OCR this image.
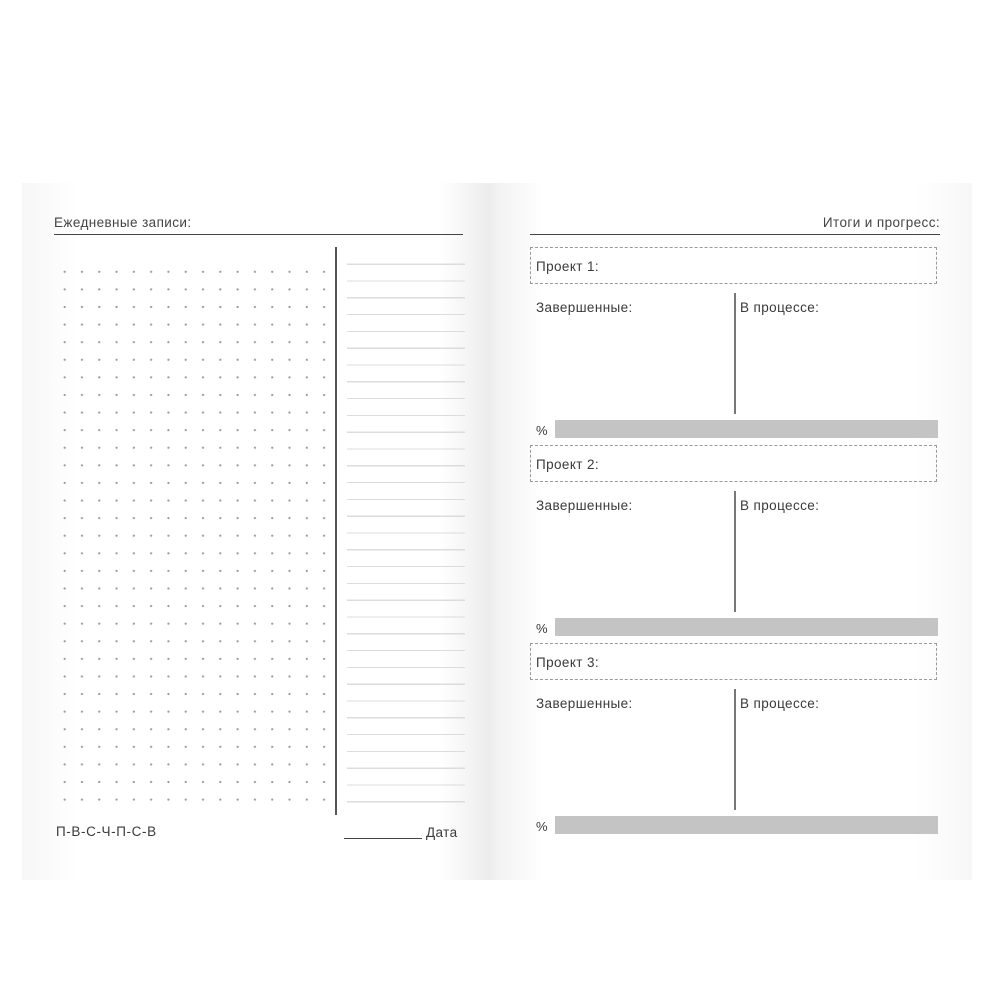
Ежедневные записи:
П-В-С-Ч-П-С-В	Дата
Итоги и прогресс:
Проект 1:
Завершенные:	В процессе:
%
Проект 2:
Завершенные:	В процессе:
%
Проект 3:
Завершенные:	В процессе:
%
